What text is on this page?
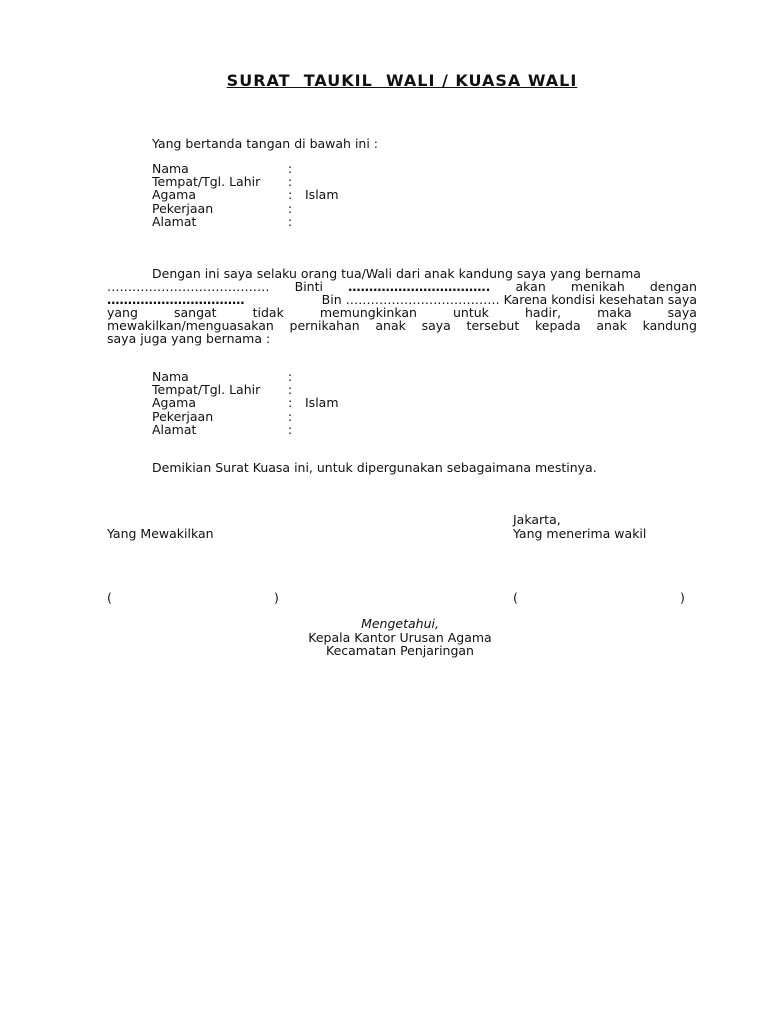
SURAT  TAUKIL  WALI / KUASA WALI
Yang bertanda tangan di bawah ini :
Nama	:
Tempat/Tgl. Lahir :
Agama	: Islam
Pekerjaan	:
Alamat	:
Dengan ini saya selaku orang tua/Wali dari anak kandung saya yang bernama
………………………………… Binti ……………………………. akan menikah dengan
……………………………	Bin ………………………………. Karena kondisi kesehatan saya
yang	sangat	tidak	memungkinkan	untuk	hadir,	maka	saya
mewakilkan/menguasakan pernikahan anak saya tersebut kepada anak kandung
saya juga yang bernama :
Nama	:
Tempat/Tgl. Lahir :
Agama	: Islam
Pekerjaan	:
Alamat	:
Demikian Surat Kuasa ini, untuk dipergunakan sebagaimana mestinya.
Jakarta,
Yang Mewakilkan	Yang menerima wakil
(	)	(	)
Mengetahui,
Kepala Kantor Urusan Agama
Kecamatan Penjaringan
